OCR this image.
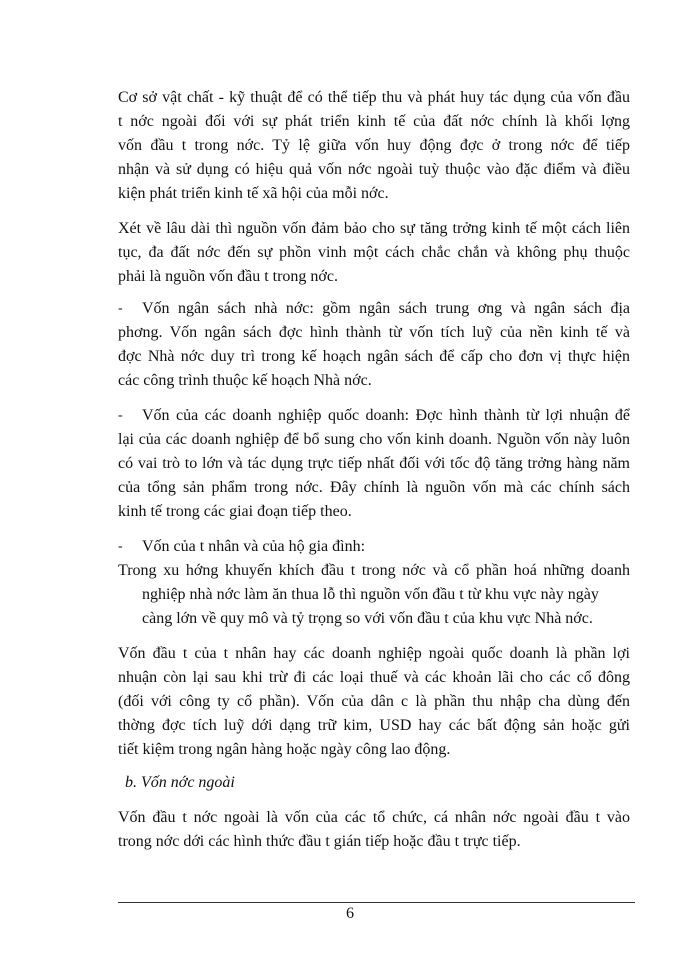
Cơ sở vật chất - kỹ thuật để có thể tiếp thu và phát huy tác dụng của vốn đầu
t nớc ngoài đối với sự phát triển kinh tế của đất nớc chính là khối lợng
vốn đầu t trong nớc. Tỷ lệ giữa vốn huy động đợc ở trong nớc để tiếp
nhận và sử dụng có hiệu quả vốn nớc ngoài tuỳ thuộc vào đặc điểm và điều
kiện phát triển kinh tế xã hội của mỗi nớc.
Xét về lâu dài thì nguồn vốn đảm bảo cho sự tăng trởng kinh tế một cách liên
tục, đa đất nớc đến sự phồn vinh một cách chắc chắn và không phụ thuộc
phải là nguồn vốn đầu t trong nớc.
- Vốn ngân sách nhà nớc: gồm ngân sách trung ơng và ngân sách địa
phơng. Vốn ngân sách đợc hình thành từ vốn tích luỹ của nền kinh tế và
đợc Nhà nớc duy trì trong kế hoạch ngân sách để cấp cho đơn vị thực hiện
các công trình thuộc kế hoạch Nhà nớc.
- Vốn của các doanh nghiệp quốc doanh: Đợc hình thành từ lợi nhuận để
lại của các doanh nghiệp để bổ sung cho vốn kinh doanh. Nguồn vốn này luôn
có vai trò to lớn và tác dụng trực tiếp nhất đối với tốc độ tăng trởng hàng năm
của tổng sản phẩm trong nớc. Đây chính là nguồn vốn mà các chính sách
kinh tế trong các giai đoạn tiếp theo.
- Vốn của t nhân và của hộ gia đình:
Trong xu hớng khuyến khích đầu t trong nớc và cổ phần hoá những doanh
nghiệp nhà nớc làm ăn thua lỗ thì nguồn vốn đầu t từ khu vực này ngày
càng lớn về quy mô và tỷ trọng so với vốn đầu t của khu vực Nhà nớc.
Vốn đầu t của t nhân hay các doanh nghiệp ngoài quốc doanh là phần lợi
nhuận còn lại sau khi trừ đi các loại thuế và các khoản lãi cho các cổ đông
(đối với công ty cổ phần). Vốn của dân c là phần thu nhập cha dùng đến
thờng đợc tích luỹ dới dạng trữ kim, USD hay các bất động sản hoặc gửi
tiết kiệm trong ngân hàng hoặc ngày công lao động.
b. Vốn nớc ngoài
Vốn đầu t nớc ngoài là vốn của các tổ chức, cá nhân nớc ngoài đầu t vào
trong nớc dới các hình thức đầu t gián tiếp hoặc đầu t trực tiếp.
6
